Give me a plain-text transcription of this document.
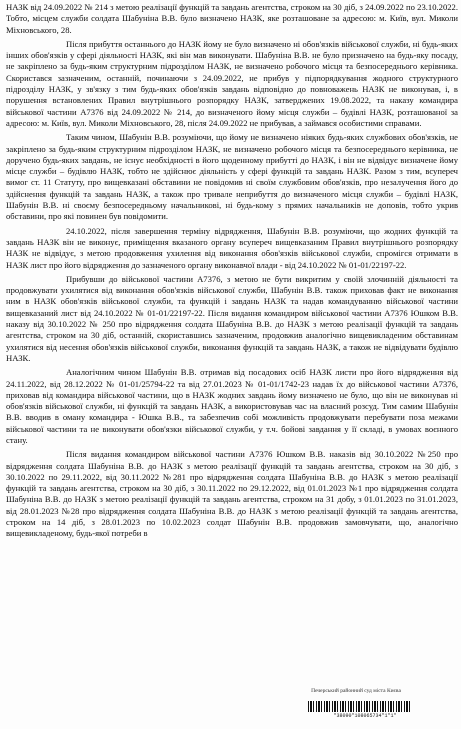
НАЗК від 24.09.2022 № 214 з метою реалізації функцій та завдань агентства, строком на 30 діб, з 24.09.2022 по 23.10.2022. Тобто, місцем служби солдата Шабуніна В.В. було визначено НАЗК, яке розташоване за адресою: м. Київ, вул. Миколи Міхновського, 28.

Після прибуття останнього до НАЗК йому не було визначено ні обов'язків військової служби, ні будь-яких інших обов'язків у сфері діяльності НАЗК, які він мав виконувати. Шабуніна В.В. не було призначено на будь-яку посаду, не закріплено за будь-яким структурним підрозділом НАЗК, не визначено робочого місця та безпосереднього керівника. Скористався зазначеним, останній, починаючи з 24.09.2022, не прибув у підпорядкування жодного структурного підрозділу НАЗК, у зв'язку з тим будь-яких обов'язків завдань відповідно до повноважень НАЗК не виконував, і, в порушення встановлених Правил внутрішнього розпорядку НАЗК, затверджених 19.08.2022, та наказу командира військової частини А7376 від 24.09.2022 № 214, до визначеного йому місця служби – будівлі НАЗК, розташованої за адресою: м. Київ, вул. Миколи Міхновського, 28, після 24.09.2022 не прибував, а займався особистими справами.

Таким чином, Шабунін В.В. розуміючи, що йому не визначено ніяких будь-яких службових обов'язків, не закріплено за будь-яким структурним підрозділом НАЗК, не визначено робочого місця та безпосереднього керівника, не доручено будь-яких завдань, не існує необхідності в його щоденному прибутті до НАЗК, і він не відвідує визначене йому місце служби – будівлю НАЗК, тобто не здійснює діяльність у сфері функцій та завдань НАЗК. Разом з тим, всупереч вимог ст. 11 Статуту, про вищевказані обставини не повідомив ні своїм службовим обов'язків, про незалучення його до здійснення функцій та завдань НАЗК, а також про тривале неприбуття до визначеного місця служби – будівлі НАЗК, Шабунін В.В. ні своєму безпосередньому начальникові, ні будь-кому з прямих начальників не доповів, тобто укрив обставини, про які повинен був повідомити.

24.10.2022, після завершення терміну відрядження, Шабунін В.В. розуміючи, що жодних функцій та завдань НАЗК він не виконує, приміщення вказаного органу всупереч вищевказаним Правил внутрішнього розпорядку НАЗК не відвідує, з метою продовження ухилення від виконання обов'язків військової служби, спромігся отримати в НАЗК лист про його відрядження до зазначеного органу виконавчої влади - від 24.10.2022 № 01-01/22197-22.

Прибувши до військової частини А7376, з метою не бути викритим у своїй злочинній діяльності та продовжувати ухилятися від виконання обов'язків військової служби, Шабунін В.В. також приховав факт не виконання ним в НАЗК обов'язків військової служби, та функцій і завдань НАЗК та надав командуванню військової частини вищевказаний лист від 24.10.2022 № 01-01/22197-22. Після видання командиром військової частини А7376 Юшком В.В. наказу від 30.10.2022 № 250 про відрядження солдата Шабуніна В.В. до НАЗК з метою реалізації функцій та завдань агентства, строком на 30 діб, останній, скориставшись зазначеним, продовжив аналогічно вищевикладеним обставинам ухилятися від несення обов'язків військової служби, виконання функцій та завдань НАЗК, а також не відвідувати будівлю НАЗК.

Аналогічним чином Шабунін В.В. отримав від посадових осіб НАЗК листи про його відрядження від 24.11.2022, від 28.12.2022 № 01-01/25794-22 та від 27.01.2023 № 01-01/1742-23 надав їх до військової частини А7376, приховав від командира військової частини, що в НАЗК жодних завдань йому визначено не було, що він не виконував ні обов'язків військової служби, ні функцій та завдань НАЗК, а використовував час на власний розсуд. Тим самим Шабунін В.В. вводив в оману командира - Юшка В.В., та забезпечив собі можливість продовжувати перебувати поза межами військової частини та не виконувати обов'язки військової служби, у т.ч. бойові завдання у її складі, в умовах воєнного стану.

Після видання командиром військової частини А7376 Юшком В.В. наказів від 30.10.2022 №250 про відрядження солдата Шабуніна В.В. до НАЗК з метою реалізації функцій та завдань агентства, строком на 30 діб, з 30.10.2022 по 29.11.2022, від 30.11.2022 №281 про відрядження солдата Шабуніна В.В. до НАЗК з метою реалізації функцій та завдань агентства, строком на 30 діб, з 30.11.2022 по 29.12.2022, від 01.01.2023 №1 про відрядження солдата Шабуніна В.В. до НАЗК з метою реалізації функцій та завдань агентства, строком на 31 добу, з 01.01.2023 по 31.01.2023, від 28.01.2023 №28 про відрядження солдата Шабуніна В.В. до НАЗК з метою реалізації функцій та завдань агентства, строком на 14 діб, з 28.01.2023 по 10.02.2023 солдат Шабунін В.В. продовжив замовчувати, що, аналогічно вищевикладеному, будь-якої потреби в

Печерський районний суд міста Києва
*38090*108065734*1*1*
